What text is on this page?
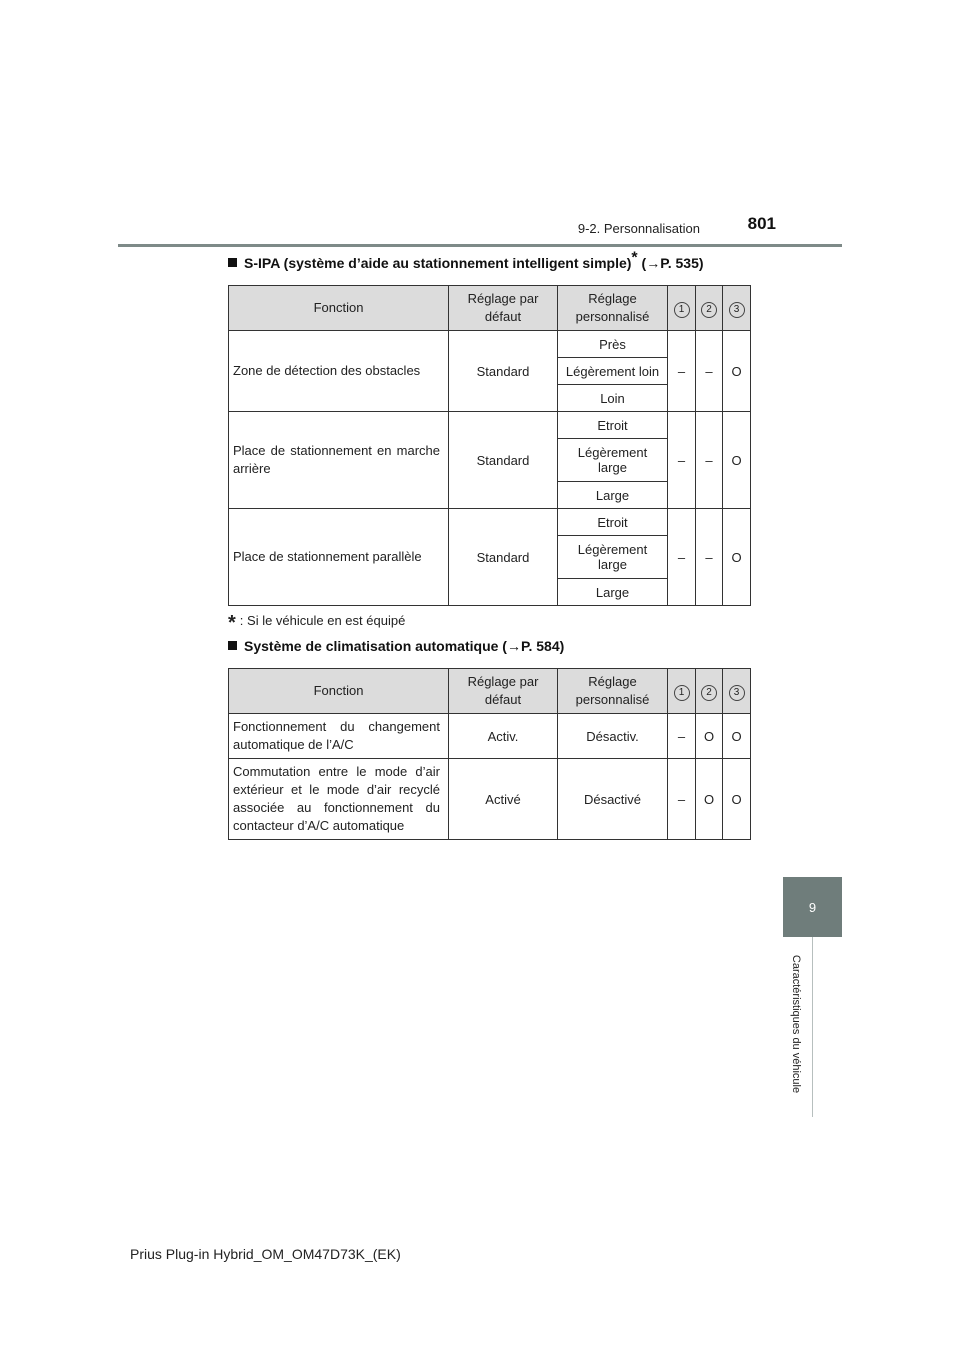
9-2. Personnalisation	801
9
Caractéristiques du véhicule
S-IPA (système d’aide au stationnement intelligent simple)* (→P. 535)
Fonction	Réglage par défaut	Réglage personnalisé	1	2	3
Zone de détection des obstacles	Standard	Près	–	–	O
		Légèrement loin			
		Loin			
Place de stationnement en marche arrière	Standard	Etroit	–	–	O
		Légèrement large			
		Large			
Place de stationnement parallèle	Standard	Etroit	–	–	O
		Légèrement large			
		Large			
* : Si le véhicule en est équipé
Système de climatisation automatique (→P. 584)
Fonction	Réglage par défaut	Réglage personnalisé	1	2	3
Fonctionnement du changement automatique de l’A/C	Activ.	Désactiv.	–	O	O
Commutation entre le mode d’air extérieur et le mode d’air recyclé associée au fonctionnement du contacteur d’A/C automatique	Activé	Désactivé	–	O	O
Prius Plug-in Hybrid_OM_OM47D73K_(EK)
